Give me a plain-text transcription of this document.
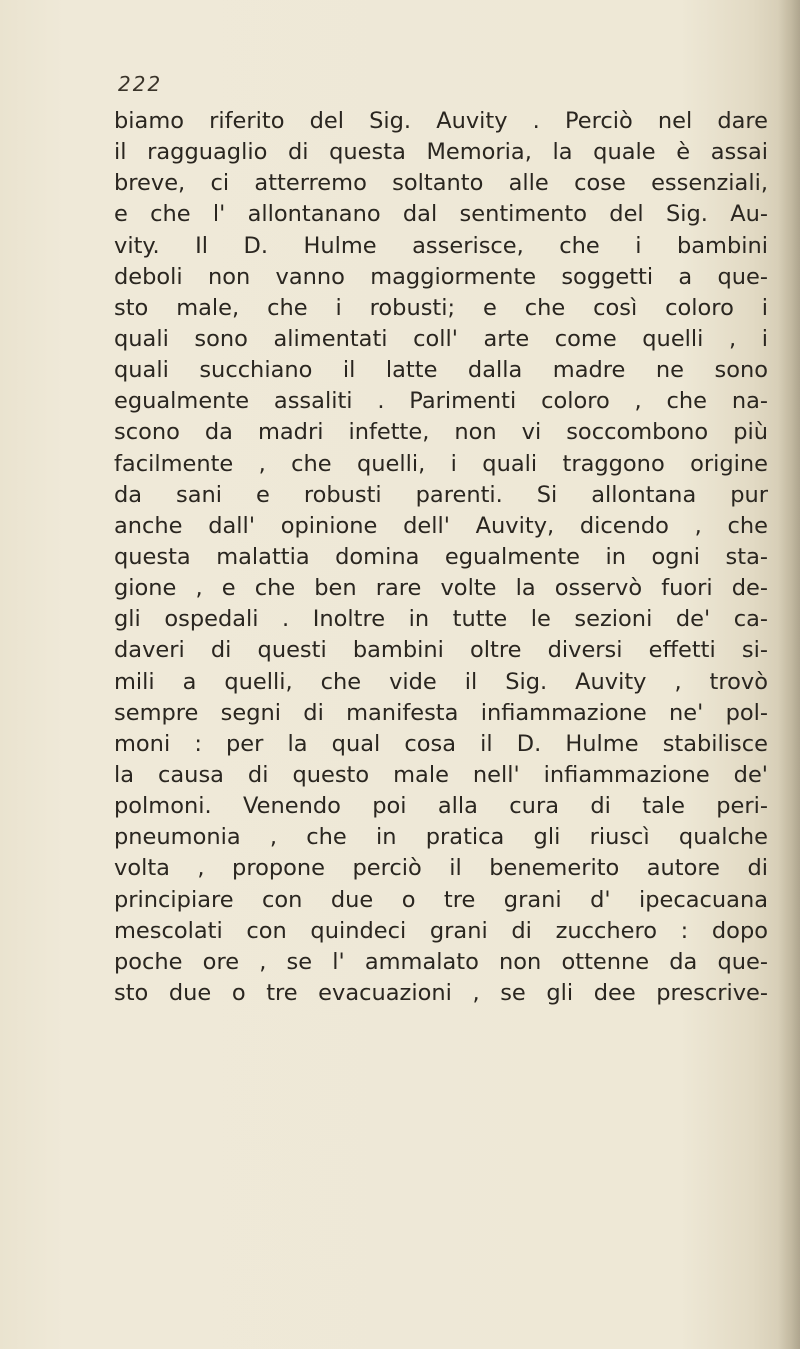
222
biamo riferito del Sig. Auvity . Perciò nel dare
il ragguaglio di questa Memoria, la quale è assai
breve, ci atterremo soltanto alle cose essenziali,
e che l' allontanano dal sentimento del Sig. Au-
vity. Il D. Hulme asserisce, che i bambini
deboli non vanno maggiormente soggetti a que-
sto male, che i robusti; e che così coloro i
quali sono alimentati coll' arte come quelli , i
quali succhiano il latte dalla madre ne sono
egualmente assaliti . Parimenti coloro , che na-
scono da madri infette, non vi soccombono più
facilmente , che quelli, i quali traggono origine
da sani e robusti parenti. Si allontana pur
anche dall' opinione dell' Auvity, dicendo , che
questa malattia domina egualmente in ogni sta-
gione , e che ben rare volte la osservò fuori de-
gli ospedali . Inoltre in tutte le sezioni de' ca-
daveri di questi bambini oltre diversi effetti si-
mili a quelli, che vide il Sig. Auvity , trovò
sempre segni di manifesta infiammazione ne' pol-
moni : per la qual cosa il D. Hulme stabilisce
la causa di questo male nell' infiammazione de'
polmoni. Venendo poi alla cura di tale peri-
pneumonia , che in pratica gli riuscì qualche
volta , propone perciò il benemerito autore di
principiare con due o tre grani d' ipecacuana
mescolati con quindeci grani di zucchero : dopo
poche ore , se l' ammalato non ottenne da que-
sto due o tre evacuazioni , se gli dee prescrive-
